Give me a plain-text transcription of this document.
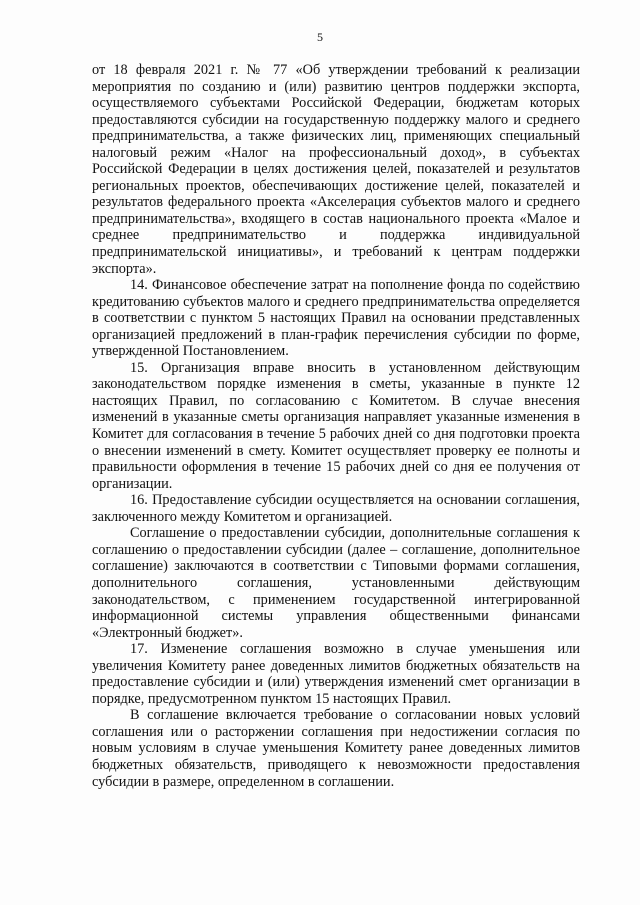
5

от 18 февраля 2021 г. № 77 «Об утверждении требований к реализации мероприятия по созданию и (или) развитию центров поддержки экспорта, осуществляемого субъектами Российской Федерации, бюджетам которых предоставляются субсидии на государственную поддержку малого и среднего предпринимательства, а также физических лиц, применяющих специальный налоговый режим «Налог на профессиональный доход», в субъектах Российской Федерации в целях достижения целей, показателей и результатов региональных проектов, обеспечивающих достижение целей, показателей и результатов федерального проекта «Акселерация субъектов малого и среднего предпринимательства», входящего в состав национального проекта «Малое и среднее предпринимательство и поддержка индивидуальной предпринимательской инициативы», и требований к центрам поддержки экспорта».

14. Финансовое обеспечение затрат на пополнение фонда по содействию кредитованию субъектов малого и среднего предпринимательства определяется в соответствии с пунктом 5 настоящих Правил на основании представленных организацией предложений в план-график перечисления субсидии по форме, утвержденной Постановлением.

15. Организация вправе вносить в установленном действующим законодательством порядке изменения в сметы, указанные в пункте 12 настоящих Правил, по согласованию с Комитетом. В случае внесения изменений в указанные сметы организация направляет указанные изменения в Комитет для согласования в течение 5 рабочих дней со дня подготовки проекта о внесении изменений в смету. Комитет осуществляет проверку ее полноты и правильности оформления в течение 15 рабочих дней со дня ее получения от организации.

16. Предоставление субсидии осуществляется на основании соглашения, заключенного между Комитетом и организацией.

Соглашение о предоставлении субсидии, дополнительные соглашения к соглашению о предоставлении субсидии (далее – соглашение, дополнительное соглашение) заключаются в соответствии с Типовыми формами соглашения, дополнительного соглашения, установленными действующим законодательством, с применением государственной интегрированной информационной системы управления общественными финансами «Электронный бюджет».

17. Изменение соглашения возможно в случае уменьшения или увеличения Комитету ранее доведенных лимитов бюджетных обязательств на предоставление субсидии и (или) утверждения изменений смет организации в порядке, предусмотренном пунктом 15 настоящих Правил.

В соглашение включается требование о согласовании новых условий соглашения или о расторжении соглашения при недостижении согласия по новым условиям в случае уменьшения Комитету ранее доведенных лимитов бюджетных обязательств, приводящего к невозможности предоставления субсидии в размере, определенном в соглашении.
